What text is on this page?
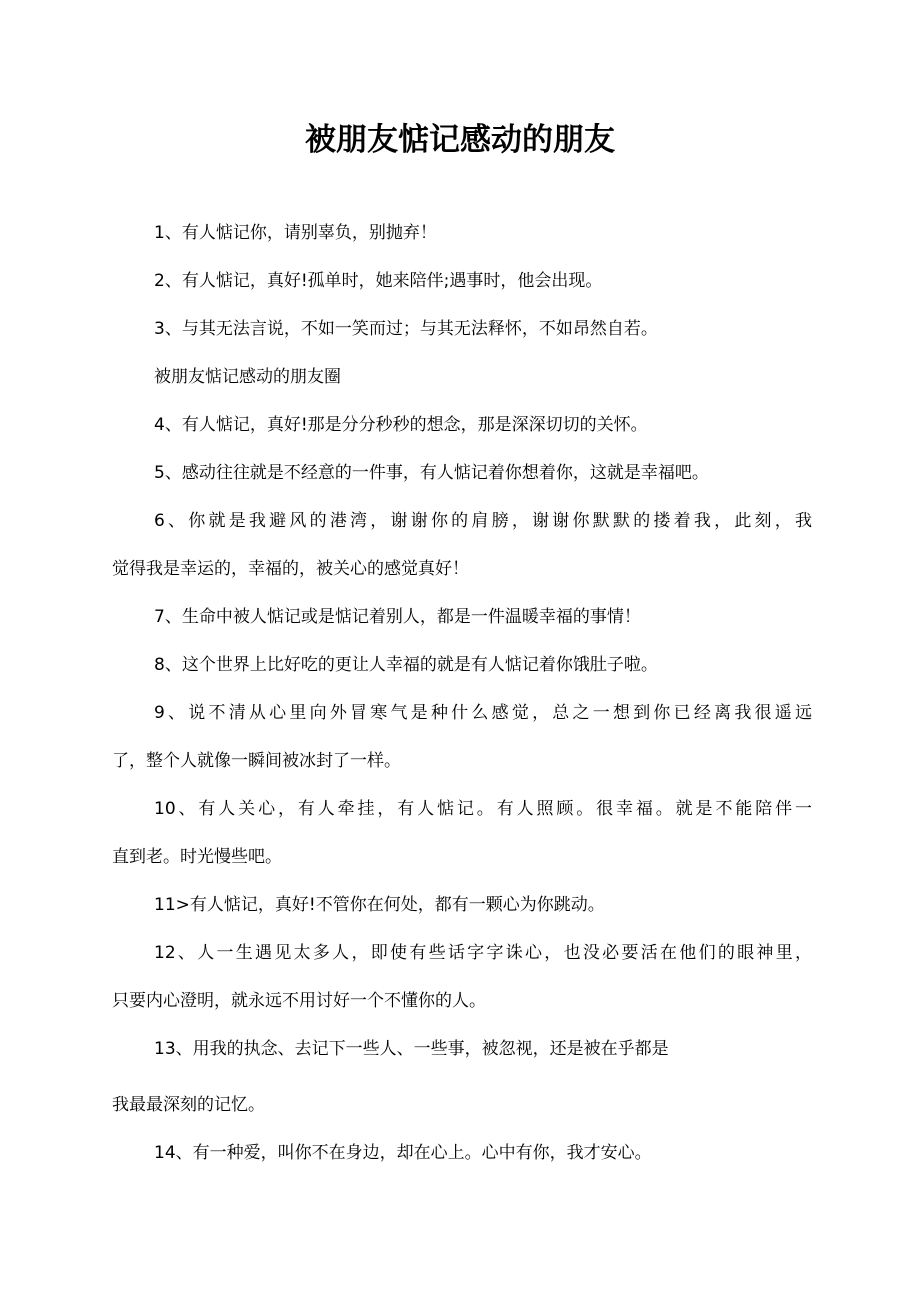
被朋友惦记感动的朋友
1、有人惦记你，请别辜负，别抛弃！
2、有人惦记，真好!孤单时，她来陪伴;遇事时，他会出现。
3、与其无法言说，不如一笑而过；与其无法释怀，不如昂然自若。
被朋友惦记感动的朋友圈
4、有人惦记，真好!那是分分秒秒的想念，那是深深切切的关怀。
5、感动往往就是不经意的一件事，有人惦记着你想着你，这就是幸福吧。
6、你就是我避风的港湾，谢谢你的肩膀，谢谢你默默的搂着我，此刻，我
觉得我是幸运的，幸福的，被关心的感觉真好！
7、生命中被人惦记或是惦记着别人，都是一件温暖幸福的事情！
8、这个世界上比好吃的更让人幸福的就是有人惦记着你饿肚子啦。
9、说不清从心里向外冒寒气是种什么感觉，总之一想到你已经离我很遥远
了，整个人就像一瞬间被冰封了一样。
10、有人关心，有人牵挂，有人惦记。有人照顾。很幸福。就是不能陪伴一
直到老。时光慢些吧。
11>有人惦记，真好!不管你在何处，都有一颗心为你跳动。
12、人一生遇见太多人，即使有些话字字诛心，也没必要活在他们的眼神里，
只要内心澄明，就永远不用讨好一个不懂你的人。
13、用我的执念、去记下一些人、一些事，被忽视，还是被在乎都是
我最最深刻的记忆。
14、有一种爱，叫你不在身边，却在心上。心中有你，我才安心。
